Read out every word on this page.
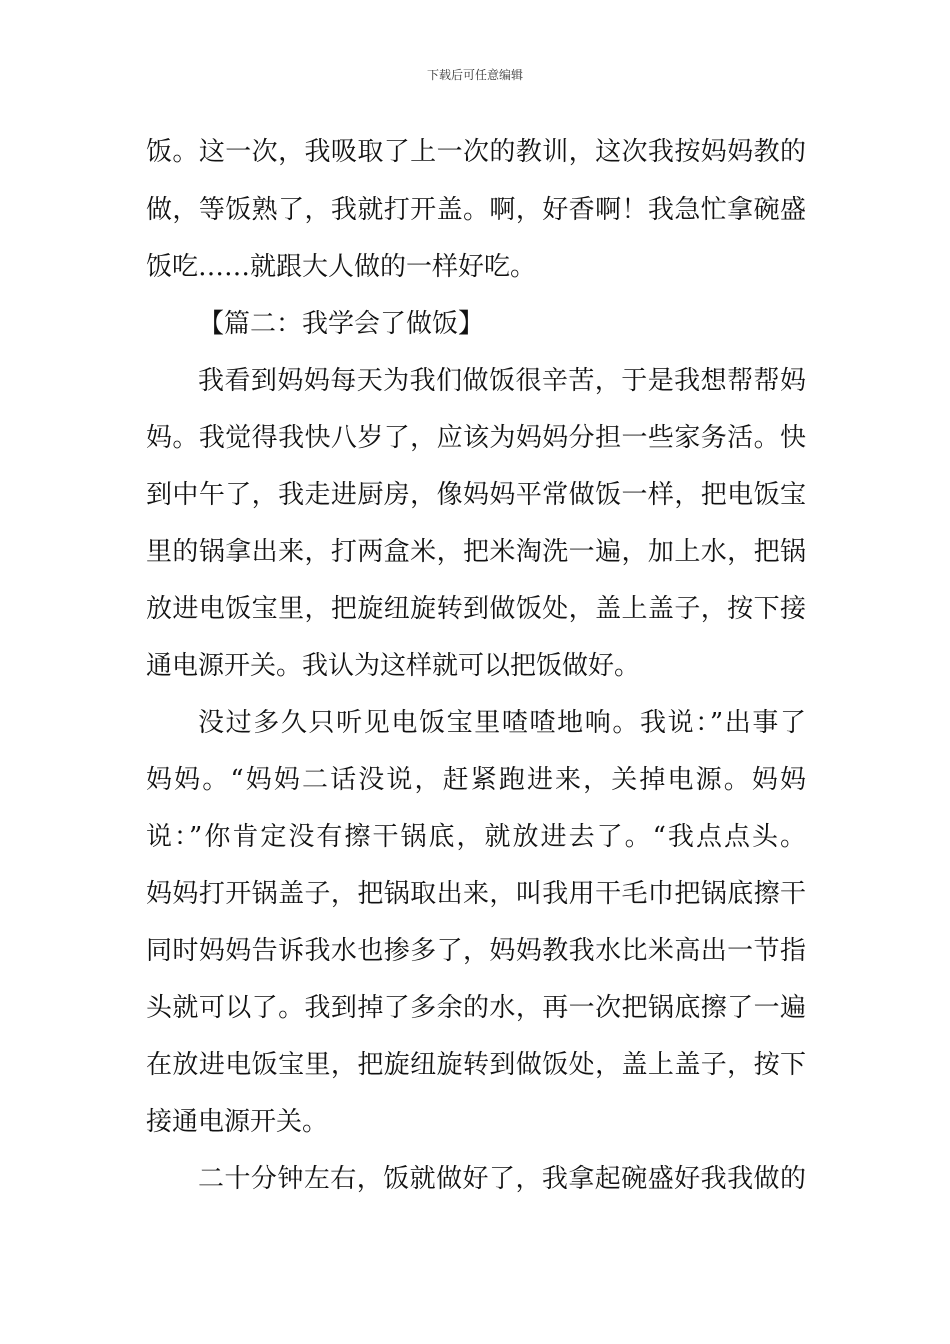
下载后可任意编辑
饭。这一次，我吸取了上一次的教训，这次我按妈妈教的
做，等饭熟了，我就打开盖。啊，好香啊！我急忙拿碗盛
饭吃……就跟大人做的一样好吃。
【篇二：我学会了做饭】
我看到妈妈每天为我们做饭很辛苦，于是我想帮帮妈
妈。我觉得我快八岁了，应该为妈妈分担一些家务活。快
到中午了，我走进厨房，像妈妈平常做饭一样，把电饭宝
里的锅拿出来，打两盒米，把米淘洗一遍，加上水，把锅
放进电饭宝里，把旋纽旋转到做饭处，盖上盖子，按下接
通电源开关。我认为这样就可以把饭做好。
没过多久只听见电饭宝里喳喳地响。我说：”出事了
妈妈。“妈妈二话没说，赶紧跑进来，关掉电源。妈妈
说：”你肯定没有擦干锅底，就放进去了。“我点点头。
妈妈打开锅盖子，把锅取出来，叫我用干毛巾把锅底擦干
同时妈妈告诉我水也掺多了，妈妈教我水比米高出一节指
头就可以了。我到掉了多余的水，再一次把锅底擦了一遍
在放进电饭宝里，把旋纽旋转到做饭处，盖上盖子，按下
接通电源开关。
二十分钟左右，饭就做好了，我拿起碗盛好我我做的
